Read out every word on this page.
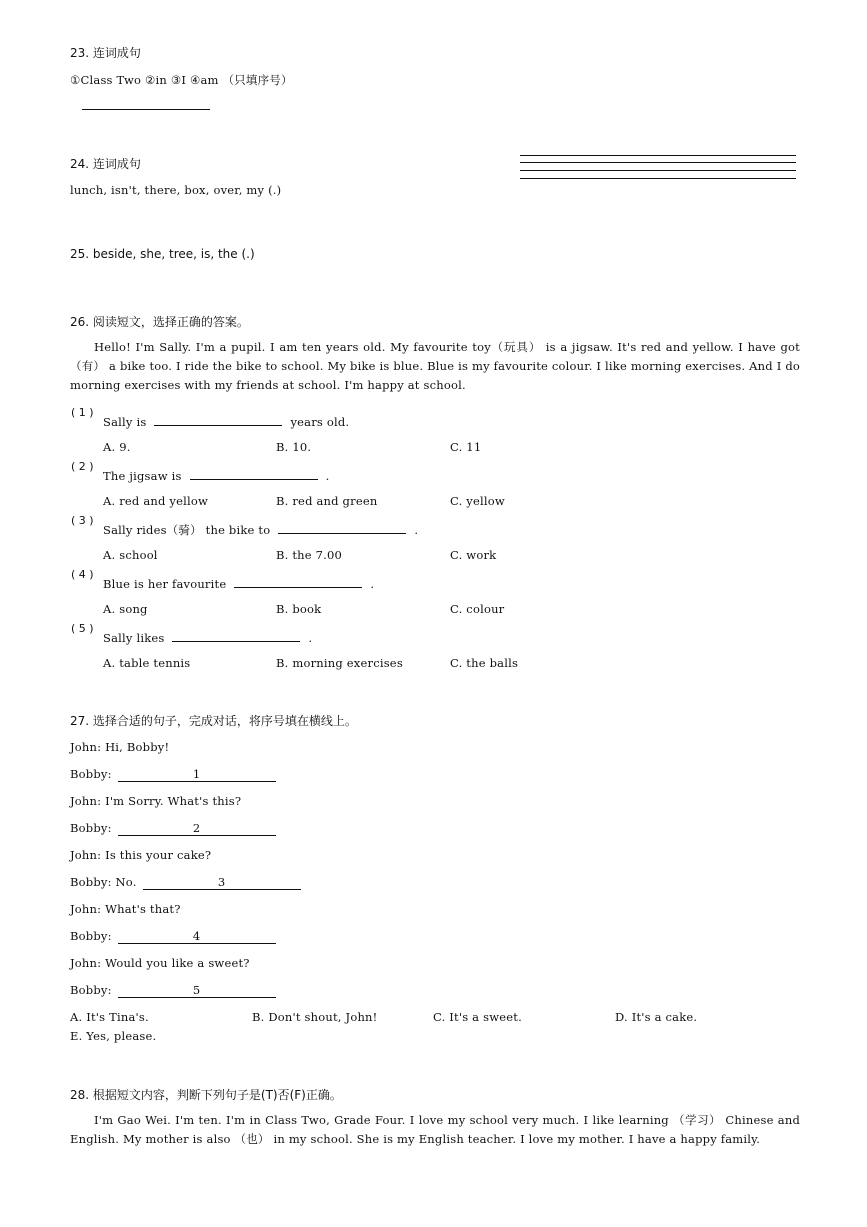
23. 连词成句
①Class Two ②in ③I ④am （只填序号）
24. 连词成句
lunch, isn't, there, box, over, my (.)
25. beside, she, tree, is, the (.)
26. 阅读短文，选择正确的答案。
Hello! I'm Sally. I'm a pupil. I am ten years old. My favourite toy（玩具） is a jigsaw. It's red and yellow. I have got（有） a bike too. I ride the bike to school. My bike is blue. Blue is my favourite colour. I like morning exercises. And I do morning exercises with my friends at school. I'm happy at school.
( 1 )
Sally is	years old.
A. 9.	B. 10.	C. 11
( 2 )
The jigsaw is	.
A. red and yellow	B. red and green	C. yellow
( 3 )
Sally rides（骑） the bike to	.
A. school	B. the 7.00	C. work
( 4 )
Blue is her favourite	.
A. song	B. book	C. colour
( 5 )
Sally likes	.
A. table tennis	B. morning exercises	C. the balls
27. 选择合适的句子，完成对话，将序号填在横线上。
John: Hi, Bobby!
Bobby:	1
John: I'm Sorry. What's this?
Bobby:	2
John: Is this your cake?
Bobby: No.	3
John: What's that?
Bobby:	4
John: Would you like a sweet?
Bobby:	5
A. It's Tina's.	B. Don't shout, John!	C. It's a sweet.	D. It's a cake.
E. Yes, please.
28. 根据短文内容，判断下列句子是(T)否(F)正确。
I'm Gao Wei. I'm ten. I'm in Class Two, Grade Four. I love my school very much. I like learning （学习） Chinese and English. My mother is also （也） in my school. She is my English teacher. I love my mother. I have a happy family.
